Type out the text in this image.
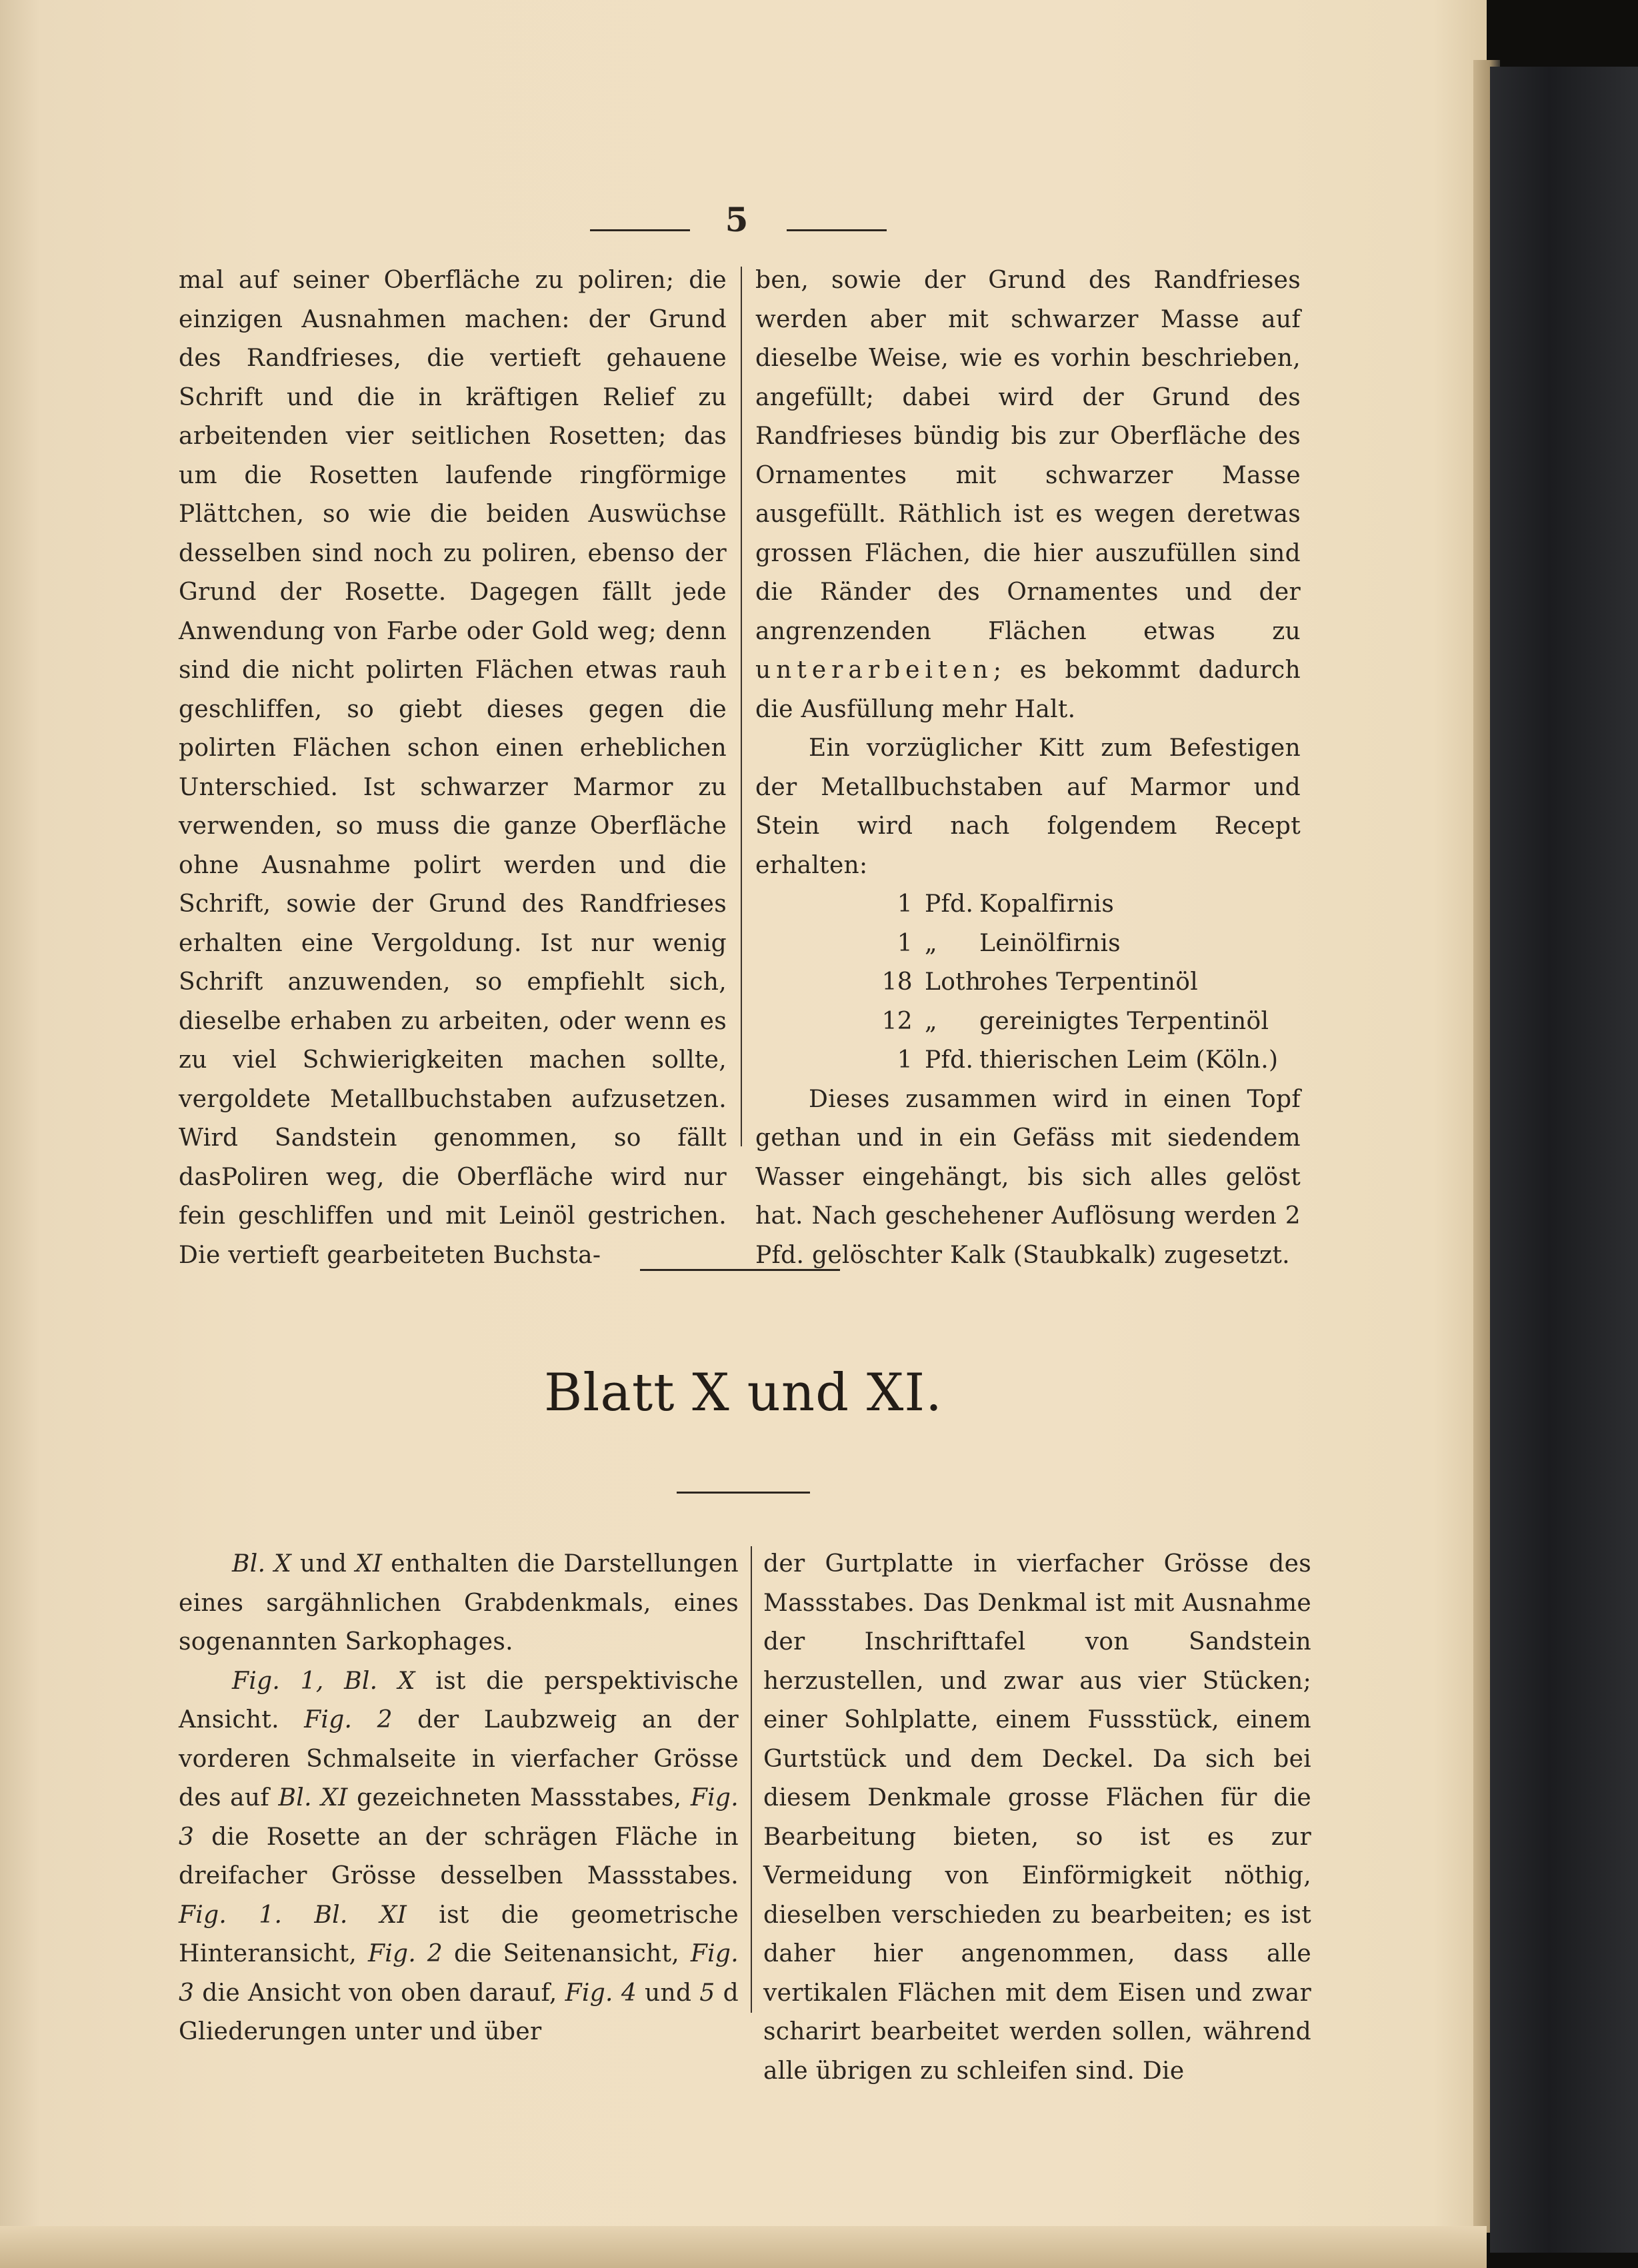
5

mal auf seiner Oberfläche zu poliren; die einzigen Ausnahmen machen: der Grund des Randfrieses, die vertieft gehauene Schrift und die in kräftigen Relief zu arbeitenden vier seitlichen Rosetten; das um die Rosetten laufende ringförmige Plättchen, so wie die beiden Auswüchse desselben sind noch zu poliren, ebenso der Grund der Rosette. Dagegen fällt jede Anwendung von Farbe oder Gold weg; denn sind die nicht polirten Flächen etwas rauh geschliffen, so giebt dieses gegen die polirten Flächen schon einen erheblichen Unterschied. Ist schwarzer Marmor zu verwenden, so muss die ganze Oberfläche ohne Ausnahme polirt werden und die Schrift, sowie der Grund des Randfrieses erhalten eine Vergoldung. Ist nur wenig Schrift anzuwenden, so empfiehlt sich, dieselbe erhaben zu arbeiten, oder wenn es zu viel Schwierigkeiten machen sollte, vergoldete Metallbuchstaben aufzusetzen. Wird Sandstein genommen, so fällt dasPoliren weg, die Oberfläche wird nur fein geschliffen und mit Leinöl gestrichen. Die vertieft gearbeiteten Buchsta-

ben, sowie der Grund des Randfrieses werden aber mit schwarzer Masse auf dieselbe Weise, wie es vorhin beschrieben, angefüllt; dabei wird der Grund des Randfrieses bündig bis zur Oberfläche des Ornamentes mit schwarzer Masse ausgefüllt. Räthlich ist es wegen deretwas grossen Flächen, die hier auszufüllen sind die Ränder des Ornamentes und der angrenzenden Flächen etwas zu unterarbeiten; es bekommt dadurch die Ausfüllung mehr Halt.

Ein vorzüglicher Kitt zum Befestigen der Metallbuchstaben auf Marmor und Stein wird nach folgendem Recept erhalten:

1 Pfd. Kopalfirnis
1 „	Leinölfirnis
18 Loth
rohes Terpentinöl
12 „	gereinigtes Terpentinöl
1 Pfd. thierischen Leim (Köln.)

Dieses zusammen wird in einen Topf gethan und in ein Gefäss mit siedendem Wasser eingehängt, bis sich alles gelöst hat. Nach geschehener Auflösung werden 2 Pfd. gelöschter Kalk (Staubkalk) zugesetzt.

Blatt X und XI.

Bl. X und XI enthalten die Darstellungen eines sargähnlichen Grabdenkmals, eines sogenannten Sarkophages.

Fig. 1, Bl. X ist die perspektivische Ansicht. Fig. 2 der Laubzweig an der vorderen Schmalseite in vierfacher Grösse des auf Bl. XI gezeichneten Massstabes, Fig. 3 die Rosette an der schrägen Fläche in dreifacher Grösse desselben Massstabes. Fig. 1. Bl. XI ist die geometrische Hinteransicht, Fig. 2 die Seitenansicht, Fig. 3 die Ansicht von oben darauf, Fig. 4 und 5 d Gliederungen unter und über

der Gurtplatte in vierfacher Grösse des Massstabes. Das Denkmal ist mit Ausnahme der Inschrifttafel von Sandstein herzustellen, und zwar aus vier Stücken; einer Sohlplatte, einem Fussstück, einem Gurtstück und dem Deckel. Da sich bei diesem Denkmale grosse Flächen für die Bearbeitung bieten, so ist es zur Vermeidung von Einförmigkeit nöthig, dieselben verschieden zu bearbeiten; es ist daher hier angenommen, dass alle vertikalen Flächen mit dem Eisen und zwar scharirt bearbeitet werden sollen, während alle übrigen zu schleifen sind. Die
